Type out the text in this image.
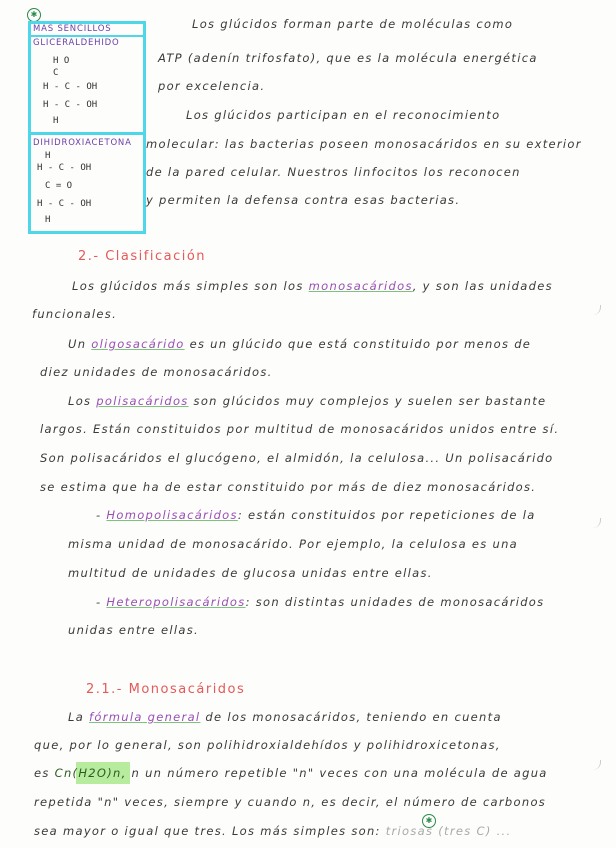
✱
✱
MAS SENCILLOS
GLICERALDEHIDO
H O
C
H - C - OH
H - C - OH
H
DIHIDROXIACETONA
H
H - C - OH
C = O
H - C - OH
H
Los glúcidos forman parte de moléculas como
ATP (adenín trifosfato), que es la molécula energética
por excelencia.
Los glúcidos participan en el reconocimiento
molecular: las bacterias poseen monosacáridos en su exterior
de la pared celular. Nuestros linfocitos los reconocen
y permiten la defensa contra esas bacterias.
2.- Clasificación
Los glúcidos más simples son los monosacáridos, y son las unidades
funcionales.
Un oligosacárido es un glúcido que está constituido por menos de
diez unidades de monosacáridos.
Los polisacáridos son glúcidos muy complejos y suelen ser bastante
largos. Están constituidos por multitud de monosacáridos unidos entre sí.
Son polisacáridos el glucógeno, el almidón, la celulosa... Un polisacárido
se estima que ha de estar constituido por más de diez monosacáridos.
- Homopolisacáridos: están constituidos por repeticiones de la
misma unidad de monosacárido. Por ejemplo, la celulosa es una
multitud de unidades de glucosa unidas entre ellas.
- Heteropolisacáridos: son distintas unidades de monosacáridos
unidas entre ellas.
2.1.- Monosacáridos
La fórmula general de los monosacáridos, teniendo en cuenta
que, por lo general, son polihidroxialdehídos y polihidroxicetonas,
es Cn(H2O)n, n un número repetible "n" veces con una molécula de agua
repetida "n" veces, siempre y cuando n, es decir, el número de carbonos
sea mayor o igual que tres. Los más simples son: triosas (tres C) ...
